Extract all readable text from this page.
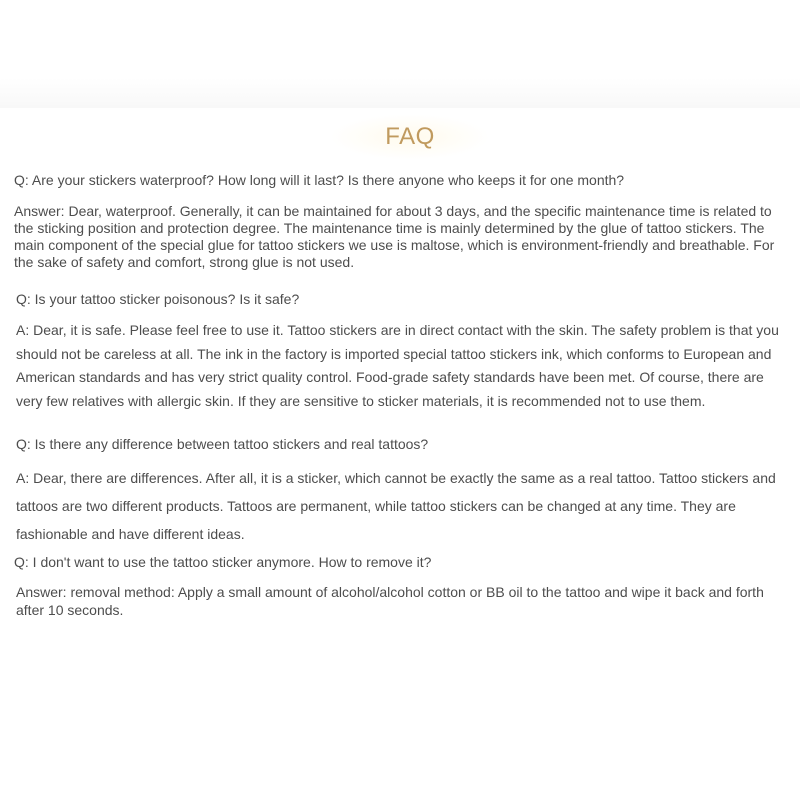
FAQ
Q: Are your stickers waterproof? How long will it last? Is there anyone who keeps it for one month?
Answer: Dear, waterproof. Generally, it can be maintained for about 3 days, and the specific maintenance time is related to the sticking position and protection degree. The maintenance time is mainly determined by the glue of tattoo stickers. The main component of the special glue for tattoo stickers we use is maltose, which is environment-friendly and breathable. For the sake of safety and comfort, strong glue is not used.
Q: Is your tattoo sticker poisonous? Is it safe?
A: Dear, it is safe. Please feel free to use it. Tattoo stickers are in direct contact with the skin. The safety problem is that you should not be careless at all. The ink in the factory is imported special tattoo stickers ink, which conforms to European and American standards and has very strict quality control. Food-grade safety standards have been met. Of course, there are very few relatives with allergic skin. If they are sensitive to sticker materials, it is recommended not to use them.
Q: Is there any difference between tattoo stickers and real tattoos?
A: Dear, there are differences. After all, it is a sticker, which cannot be exactly the same as a real tattoo. Tattoo stickers and tattoos are two different products. Tattoos are permanent, while tattoo stickers can be changed at any time. They are fashionable and have different ideas.
Q: I don't want to use the tattoo sticker anymore. How to remove it?
Answer: removal method: Apply a small amount of alcohol/alcohol cotton or BB oil to the tattoo and wipe it back and forth after 10 seconds.
